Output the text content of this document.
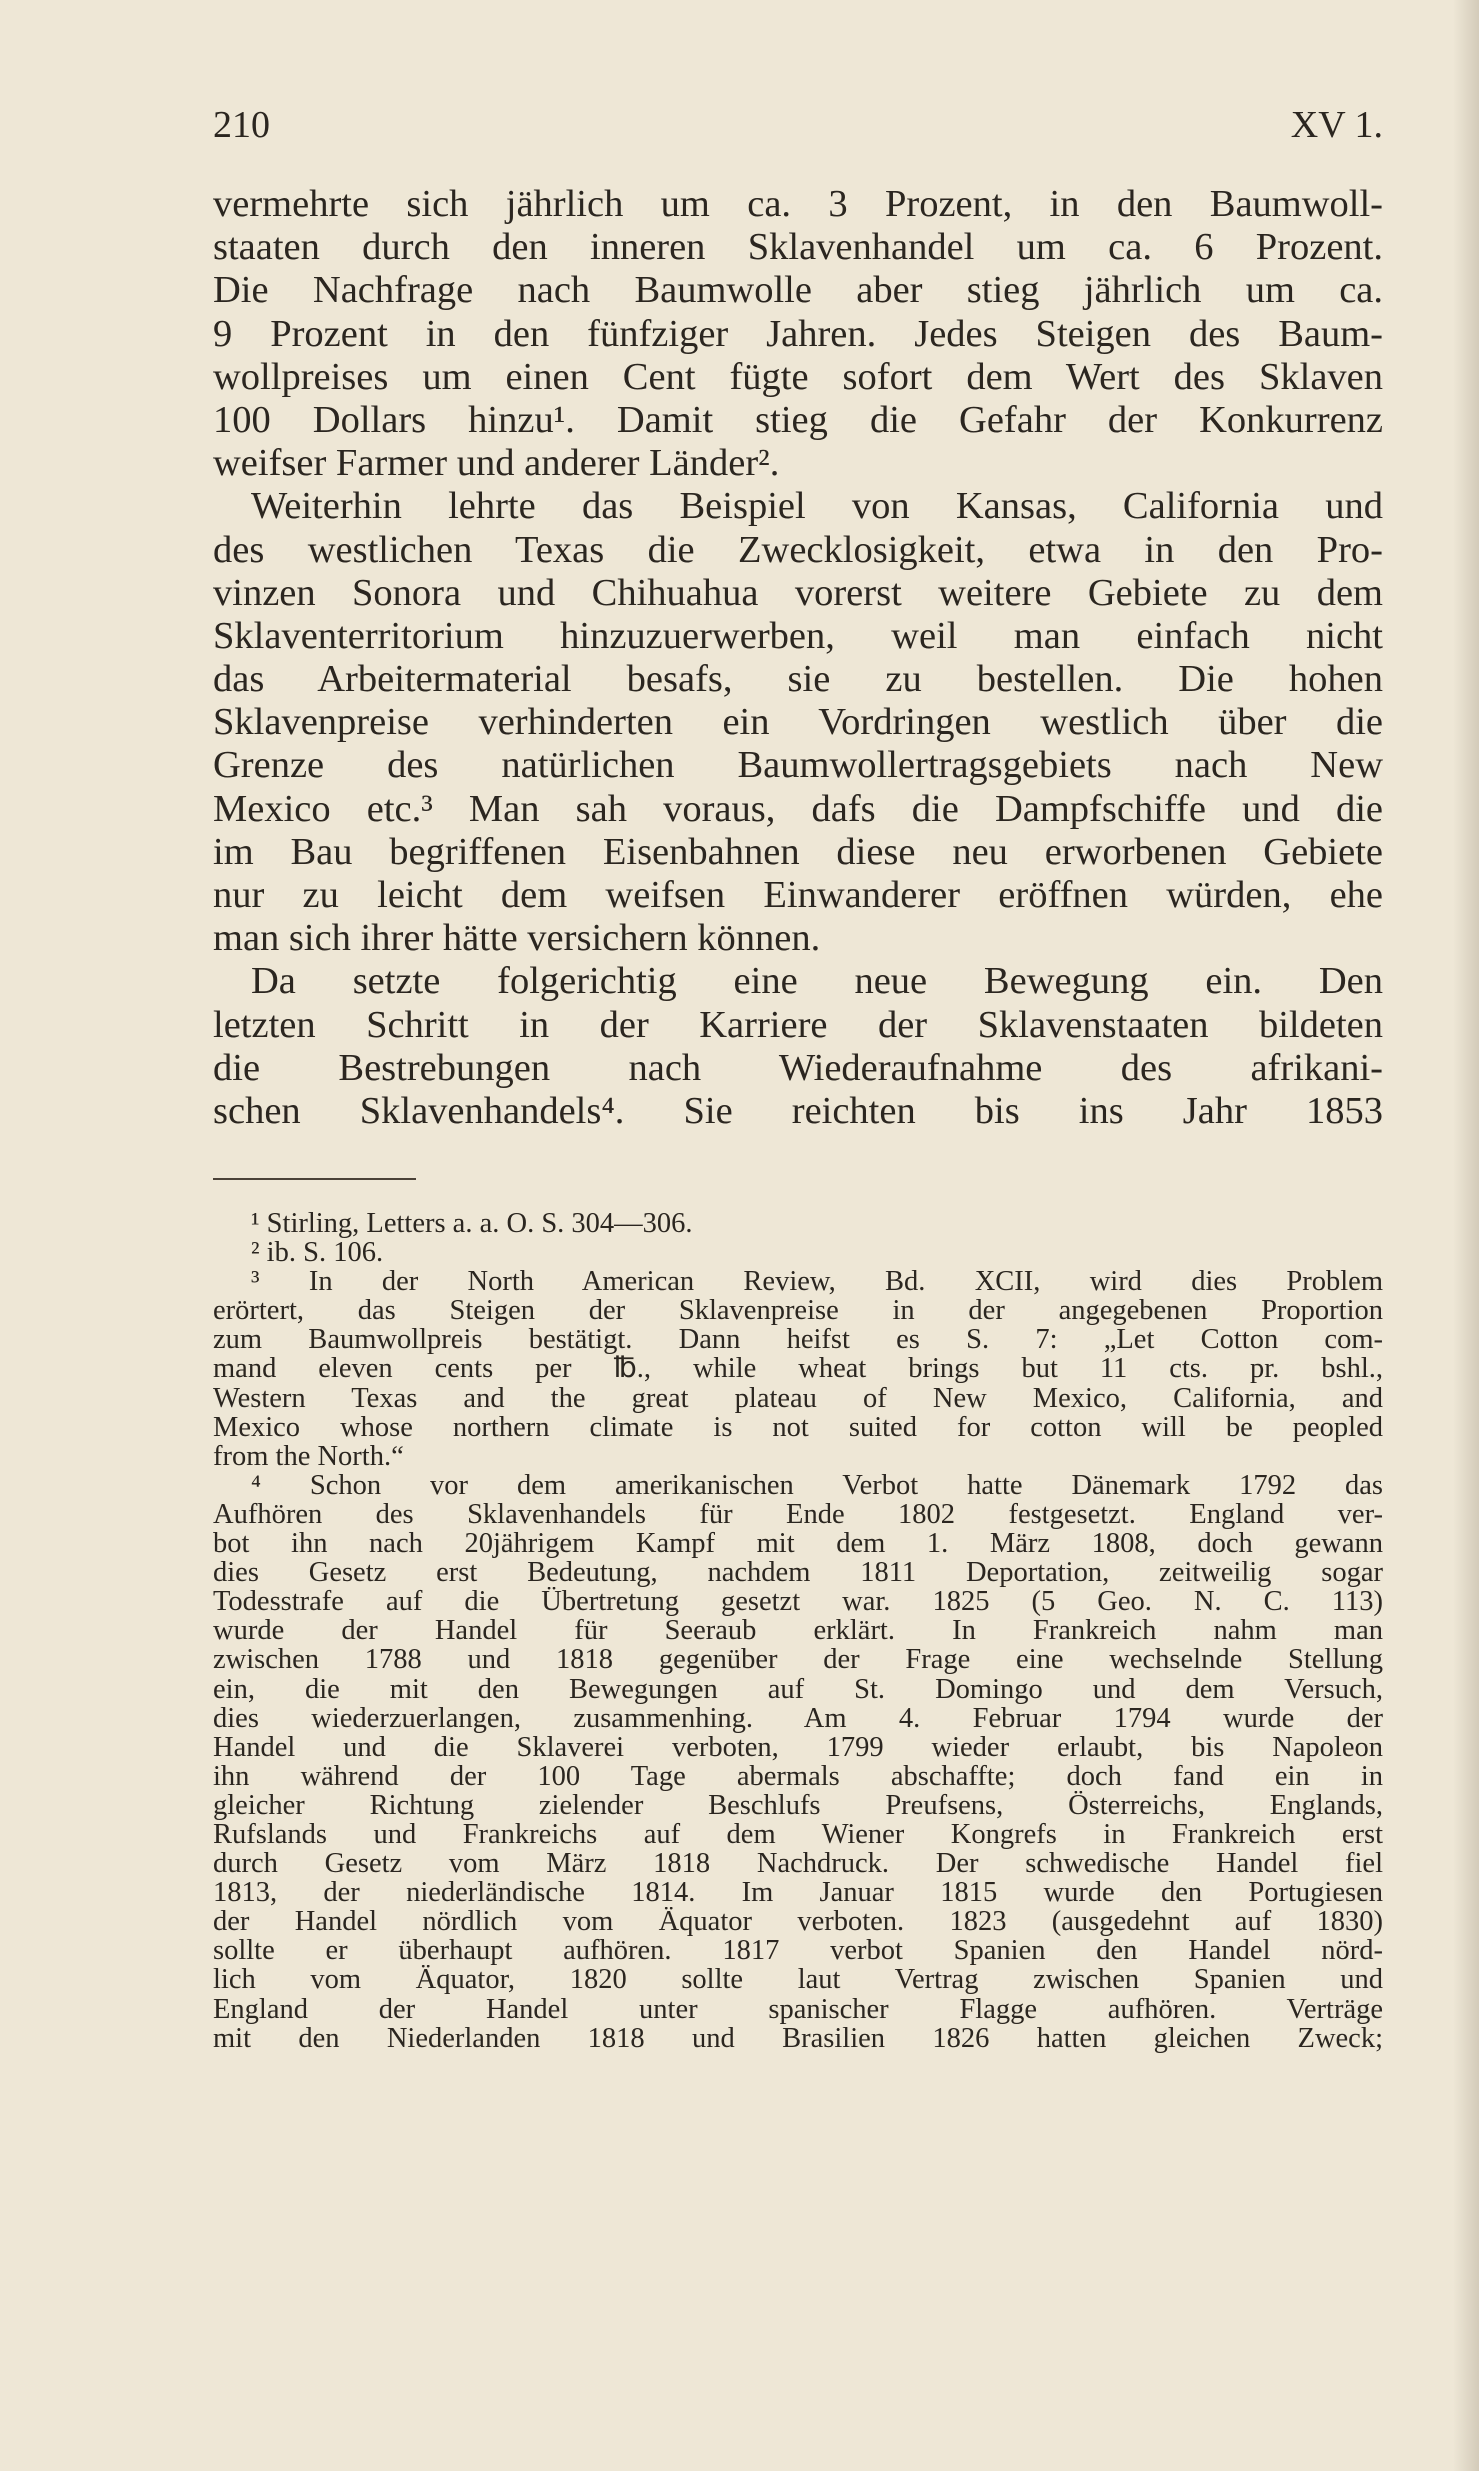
210	XV 1.
vermehrte sich jährlich um ca. 3 Prozent, in den Baumwoll-
staaten durch den inneren Sklavenhandel um ca. 6 Prozent.
Die Nachfrage nach Baumwolle aber stieg jährlich um ca.
9 Prozent in den fünfziger Jahren. Jedes Steigen des Baum-
wollpreises um einen Cent fügte sofort dem Wert des Sklaven
100 Dollars hinzu¹. Damit stieg die Gefahr der Konkurrenz
weifser Farmer und anderer Länder².
Weiterhin lehrte das Beispiel von Kansas, California und
des westlichen Texas die Zwecklosigkeit, etwa in den Pro-
vinzen Sonora und Chihuahua vorerst weitere Gebiete zu dem
Sklaventerritorium hinzuzuerwerben, weil man einfach nicht
das Arbeitermaterial besafs, sie zu bestellen. Die hohen
Sklavenpreise verhinderten ein Vordringen westlich über die
Grenze des natürlichen Baumwollertragsgebiets nach New
Mexico etc.³ Man sah voraus, dafs die Dampfschiffe und die
im Bau begriffenen Eisenbahnen diese neu erworbenen Gebiete
nur zu leicht dem weifsen Einwanderer eröffnen würden, ehe
man sich ihrer hätte versichern können.
Da setzte folgerichtig eine neue Bewegung ein. Den
letzten Schritt in der Karriere der Sklavenstaaten bildeten
die Bestrebungen nach Wiederaufnahme des afrikani-
schen Sklavenhandels⁴. Sie reichten bis ins Jahr 1853
¹ Stirling, Letters a. a. O. S. 304—306.
² ib. S. 106.
³ In der North American Review, Bd. XCII, wird dies Problem
erörtert, das Steigen der Sklavenpreise in der angegebenen Proportion
zum Baumwollpreis bestätigt. Dann heifst es S. 7: „Let Cotton com-
mand eleven cents per ℔., while wheat brings but 11 cts. pr. bshl.,
Western Texas and the great plateau of New Mexico, California, and
Mexico whose northern climate is not suited for cotton will be peopled
from the North.“
⁴ Schon vor dem amerikanischen Verbot hatte Dänemark 1792 das
Aufhören des Sklavenhandels für Ende 1802 festgesetzt. England ver-
bot ihn nach 20jährigem Kampf mit dem 1. März 1808, doch gewann
dies Gesetz erst Bedeutung, nachdem 1811 Deportation, zeitweilig sogar
Todesstrafe auf die Übertretung gesetzt war. 1825 (5 Geo. N. C. 113)
wurde der Handel für Seeraub erklärt. In Frankreich nahm man
zwischen 1788 und 1818 gegenüber der Frage eine wechselnde Stellung
ein, die mit den Bewegungen auf St. Domingo und dem Versuch,
dies wiederzuerlangen, zusammenhing. Am 4. Februar 1794 wurde der
Handel und die Sklaverei verboten, 1799 wieder erlaubt, bis Napoleon
ihn während der 100 Tage abermals abschaffte; doch fand ein in
gleicher Richtung zielender Beschlufs Preufsens, Österreichs, Englands,
Rufslands und Frankreichs auf dem Wiener Kongrefs in Frankreich erst
durch Gesetz vom März 1818 Nachdruck. Der schwedische Handel fiel
1813, der niederländische 1814. Im Januar 1815 wurde den Portugiesen
der Handel nördlich vom Äquator verboten. 1823 (ausgedehnt auf 1830)
sollte er überhaupt aufhören. 1817 verbot Spanien den Handel nörd-
lich vom Äquator, 1820 sollte laut Vertrag zwischen Spanien und
England der Handel unter spanischer Flagge aufhören. Verträge
mit den Niederlanden 1818 und Brasilien 1826 hatten gleichen Zweck;
